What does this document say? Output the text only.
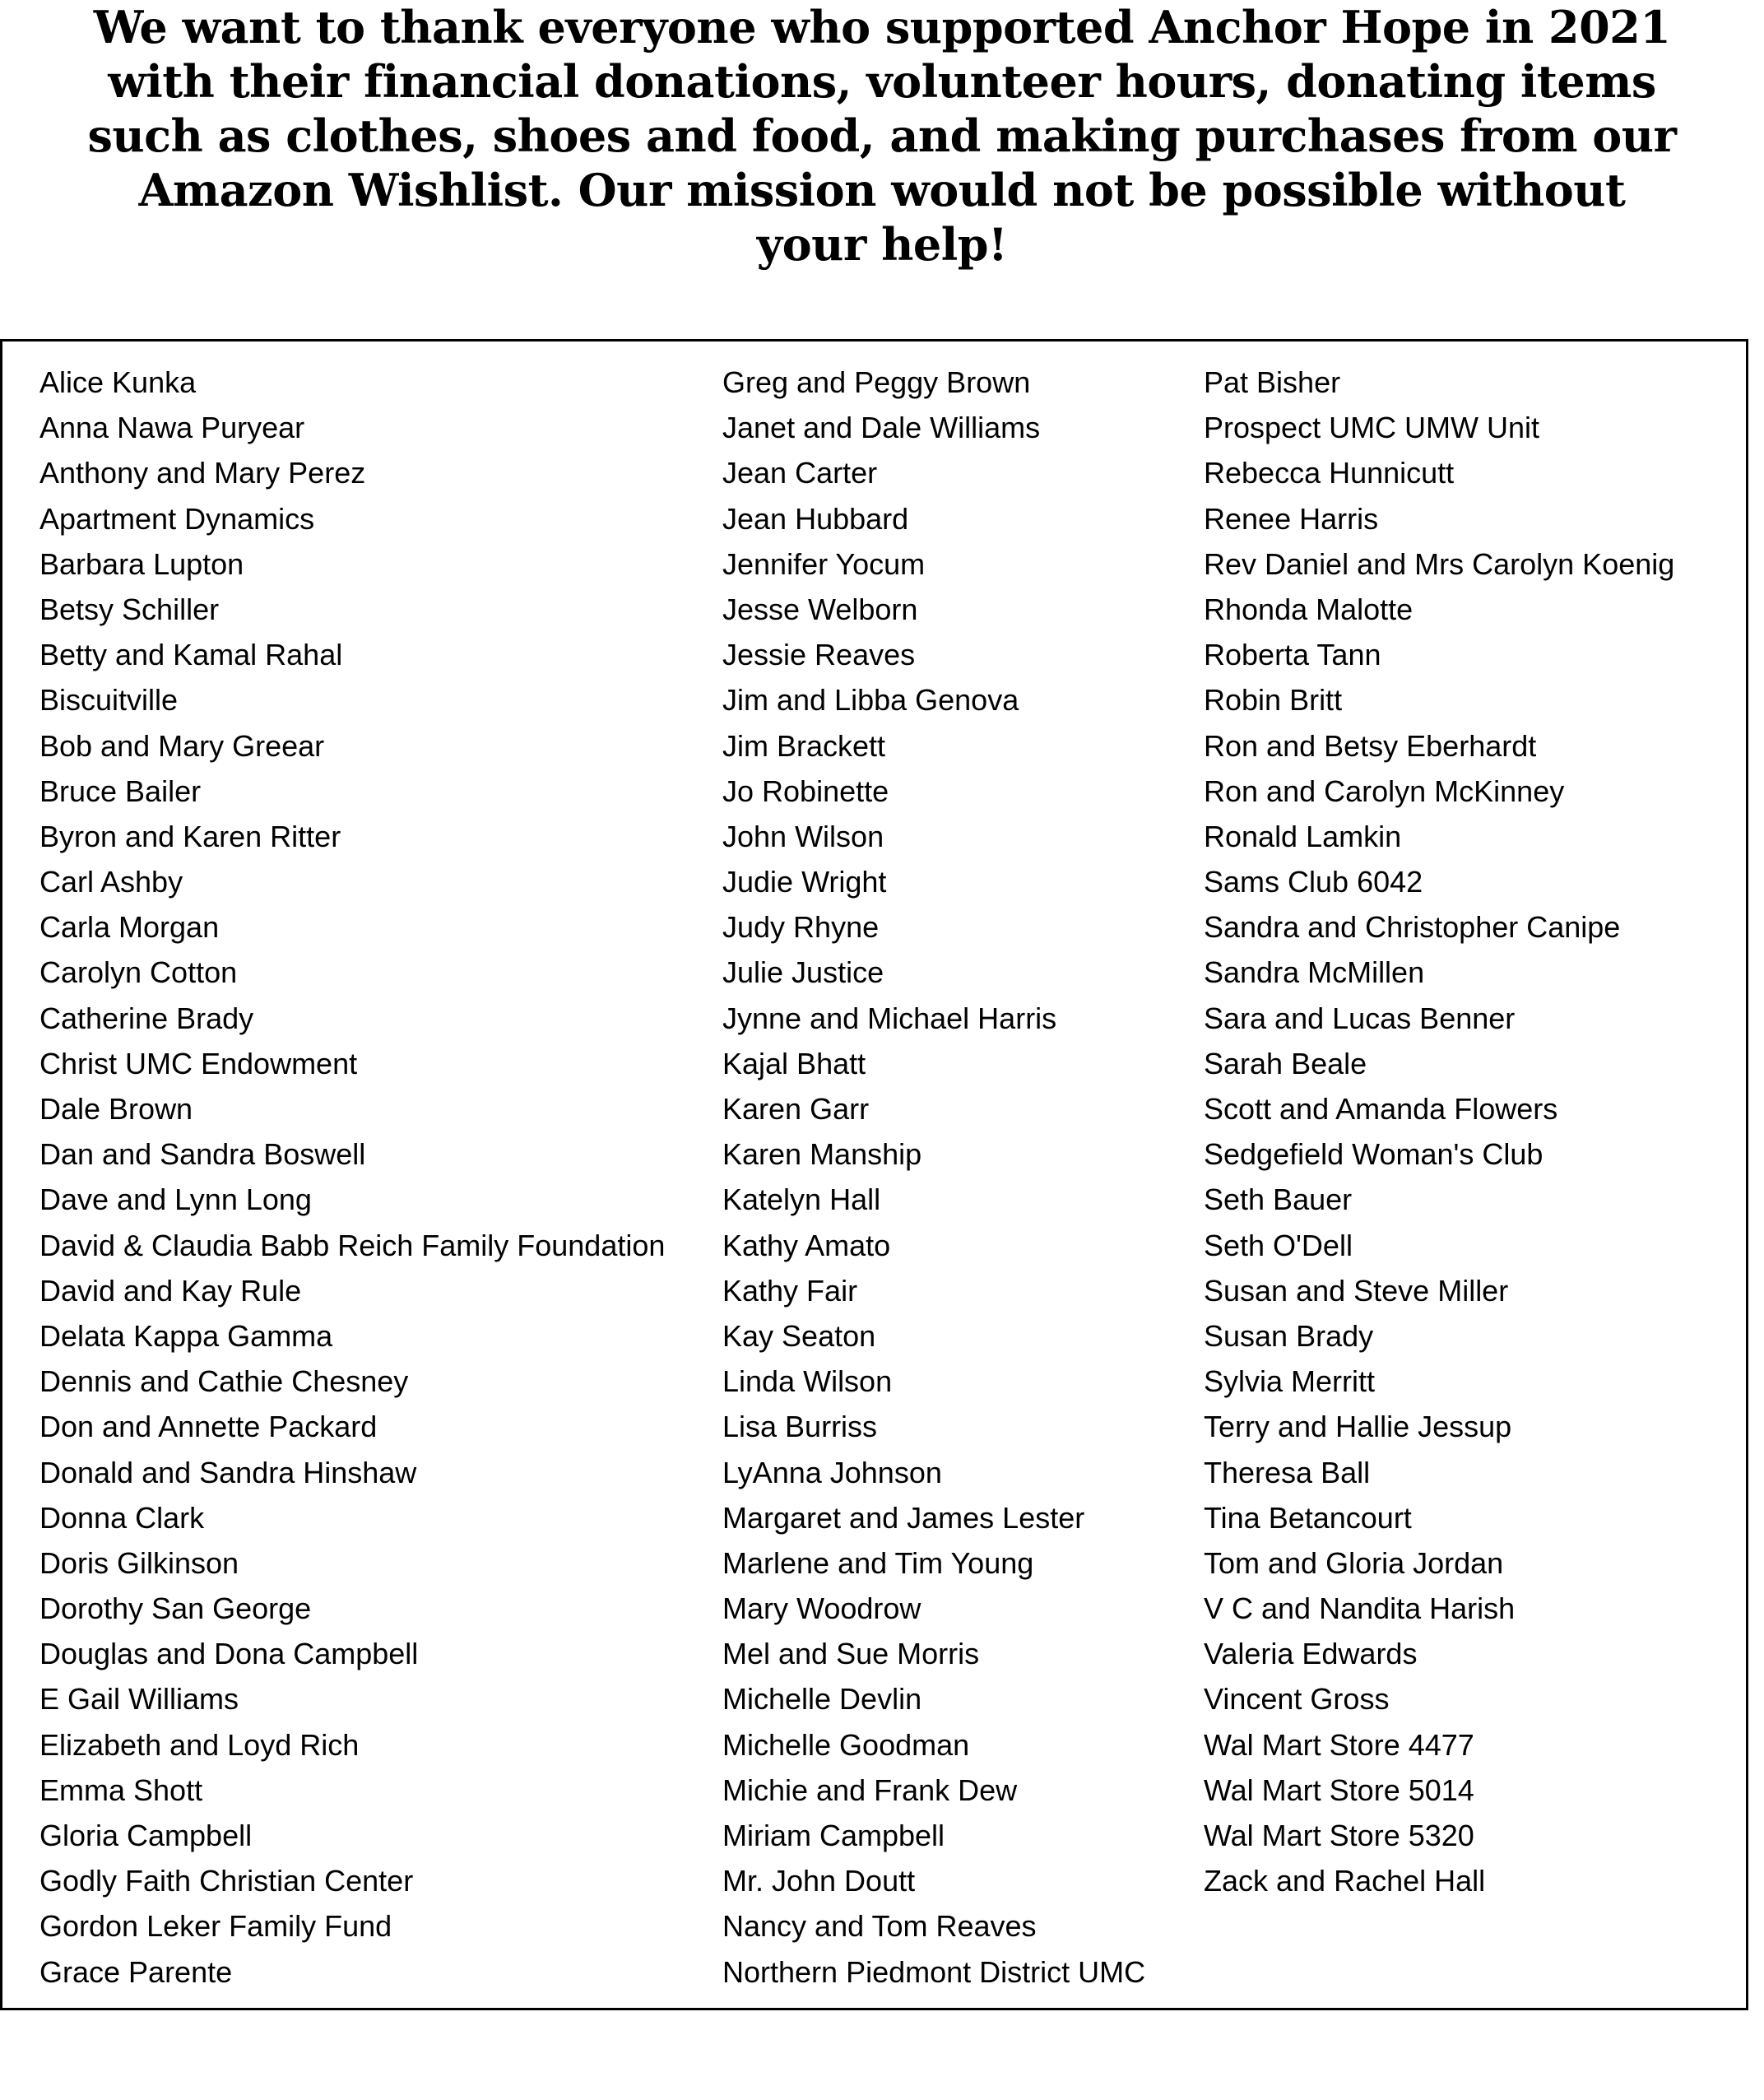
We want to thank everyone who supported Anchor Hope in 2021
with their financial donations, volunteer hours, donating items
such as clothes, shoes and food, and making purchases from our
Amazon Wishlist. Our mission would not be possible without
your help!
Alice Kunka
Anna Nawa Puryear
Anthony and Mary Perez
Apartment Dynamics
Barbara Lupton
Betsy Schiller
Betty and Kamal Rahal
Biscuitville
Bob and Mary Greear
Bruce Bailer
Byron and Karen Ritter
Carl Ashby
Carla Morgan
Carolyn Cotton
Catherine Brady
Christ UMC Endowment
Dale Brown
Dan and Sandra Boswell
Dave and Lynn Long
David & Claudia Babb Reich Family Foundation
David and Kay Rule
Delata Kappa Gamma
Dennis and Cathie Chesney
Don and Annette Packard
Donald and Sandra Hinshaw
Donna Clark
Doris Gilkinson
Dorothy San George
Douglas and Dona Campbell
E Gail Williams
Elizabeth and Loyd Rich
Emma Shott
Gloria Campbell
Godly Faith Christian Center
Gordon Leker Family Fund
Grace Parente
Greg and Peggy Brown
Janet and Dale Williams
Jean Carter
Jean Hubbard
Jennifer Yocum
Jesse Welborn
Jessie Reaves
Jim and Libba Genova
Jim Brackett
Jo Robinette
John Wilson
Judie Wright
Judy Rhyne
Julie Justice
Jynne and Michael Harris
Kajal Bhatt
Karen Garr
Karen Manship
Katelyn Hall
Kathy Amato
Kathy Fair
Kay Seaton
Linda Wilson
Lisa Burriss
LyAnna Johnson
Margaret and James Lester
Marlene and Tim Young
Mary Woodrow
Mel and Sue Morris
Michelle Devlin
Michelle Goodman
Michie and Frank Dew
Miriam Campbell
Mr. John Doutt
Nancy and Tom Reaves
Northern Piedmont District UMC
Pat Bisher
Prospect UMC UMW Unit
Rebecca Hunnicutt
Renee Harris
Rev Daniel and Mrs Carolyn Koenig
Rhonda Malotte
Roberta Tann
Robin Britt
Ron and Betsy Eberhardt
Ron and Carolyn McKinney
Ronald Lamkin
Sams Club 6042
Sandra and Christopher Canipe
Sandra McMillen
Sara and Lucas Benner
Sarah Beale
Scott and Amanda Flowers
Sedgefield Woman's Club
Seth Bauer
Seth O'Dell
Susan and Steve Miller
Susan Brady
Sylvia Merritt
Terry and Hallie Jessup
Theresa Ball
Tina Betancourt
Tom and Gloria Jordan
V C and Nandita Harish
Valeria Edwards
Vincent Gross
Wal Mart Store 4477
Wal Mart Store 5014
Wal Mart Store 5320
Zack and Rachel Hall
